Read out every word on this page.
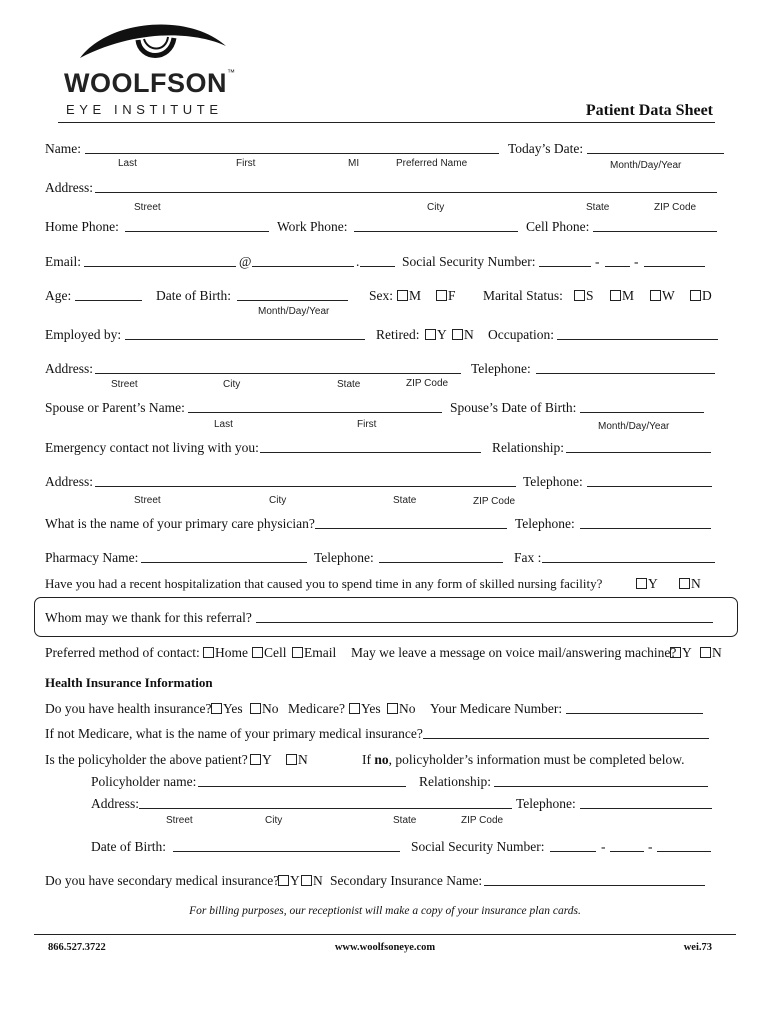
WOOLFSON™
EYE INSTITUTE	Patient Data Sheet
Name:	Today’s Date:
Last	First	MI	Preferred Name	Month/Day/Year
Address:
Street	City	State	ZIP Code
Home Phone:	Work Phone:	Cell Phone:
Email:	@	.	Social Security Number:	-	-
Age:	Date of Birth:
Month/Day/Year
Sex:	M	F Marital Status:	S	M	W	D
Employed by:	Retired:	Y	N Occupation:
Address:	Telephone:
Street	City	State	ZIP Code
Spouse or Parent’s Name:	Spouse’s Date of Birth:
Last	First	Month/Day/Year
Emergency contact not living with you:	Relationship:
Address:	Telephone:
Street	City	State	ZIP Code
What is the name of your primary care physician?	Telephone:
Pharmacy Name:	Telephone:	Fax :
Have you had a recent hospitalization that caused you to spend time in any form of skilled nursing facility?	Y	N
Whom may we thank for this referral?
Preferred method of contact:	Home	Cell	Email May we leave a message on voice mail/answering machine? Y	N
Health Insurance Information
Do you have health insurance? Yes	No Medicare?	Yes	No Your Medicare Number:
If not Medicare, what is the name of your primary medical insurance?
Is the policyholder the above patient?	Y	N	If no, policyholder’s information must be completed below.
Policyholder name:	Relationship:
Address:	Telephone:
Street	City	State	ZIP Code
Date of Birth:	Social Security Number:	-	-
Do you have secondary medical insurance? Y N Secondary Insurance Name:
For billing purposes, our receptionist will make a copy of your insurance plan cards.
866.527.3722	www.woolfsoneye.com	wei.73
